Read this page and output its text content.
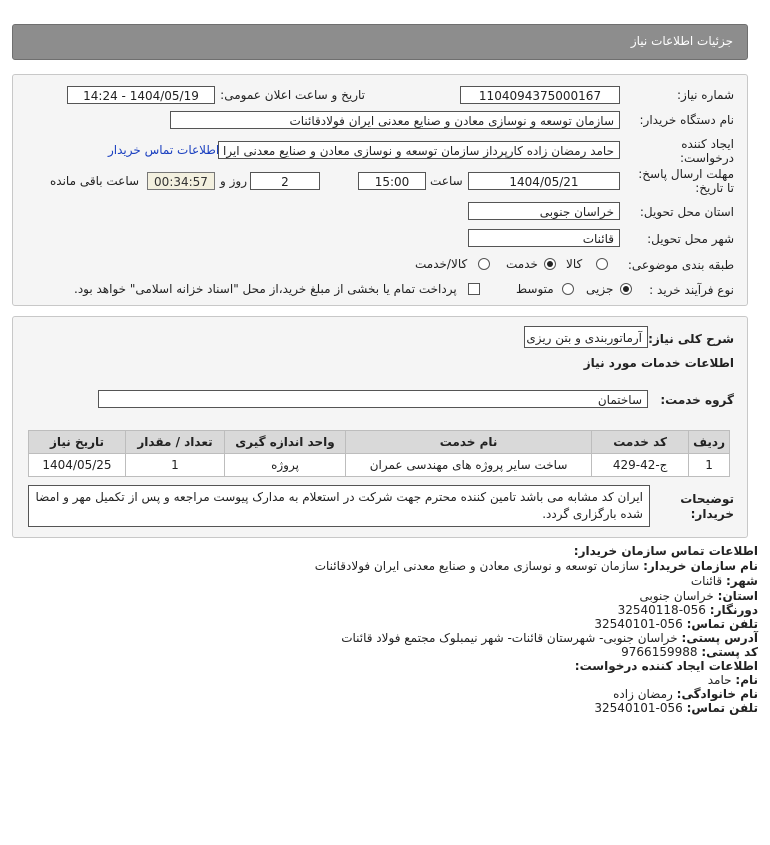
جزئیات اطلاعات نیاز
شماره نیاز:
1104094375000167
تاریخ و ساعت اعلان عمومی:
1404/05/19 - 14:24
نام دستگاه خریدار:
سازمان توسعه و نوسازی معادن و صنایع معدنی ایران فولادقائنات
ایجاد کننده
درخواست:
حامد رمضان زاده کارپرداز سازمان توسعه و نوسازی معادن و صنایع معدنی ایرا
اطلاعات تماس خریدار
مهلت ارسال پاسخ:
تا تاریخ:
1404/05/21
ساعت
15:00
2
روز و
00:34:57
ساعت باقی مانده
استان محل تحویل:
خراسان جنوبی
شهر محل تحویل:
قائنات
طبقه بندی موضوعی:
کالا
خدمت
کالا/خدمت
نوع فرآیند خرید :
جزیی
متوسط
پرداخت تمام یا بخشی از مبلغ خرید،از محل "اسناد خزانه اسلامی" خواهد بود.
شرح کلی نیاز:
آرماتوربندی و بتن ریزی
اطلاعات خدمات مورد نیاز
گروه خدمت:
ساختمان
ردیف	کد خدمت	نام خدمت	واحد اندازه گیری	تعداد / مقدار	تاریخ نیاز
1	ج-42-429	ساخت سایر پروژه های مهندسی عمران	پروژه	1	1404/05/25
توضیحات
خریدار:
ایران کد مشابه می باشد تامین کننده محترم جهت شرکت در استعلام به مدارک پیوست مراجعه و پس از تکمیل مهر و امضا شده بارگزاری گردد.
اطلاعات تماس سازمان خریدار:
نام سازمان خریدار: سازمان توسعه و نوسازی معادن و صنایع معدنی ایران فولادقائنات
شهر: قائنات
استان: خراسان جنوبی
دورنگار: 056-32540118
تلفن تماس: 056-32540101
آدرس پستی: خراسان جنوبی- شهرستان قائنات- شهر نیمبلوک مجتمع فولاد قائنات
کد پستی: 9766159988
اطلاعات ایجاد کننده درخواست:
نام: حامد
نام خانوادگی: رمضان زاده
تلفن تماس: 056-32540101
